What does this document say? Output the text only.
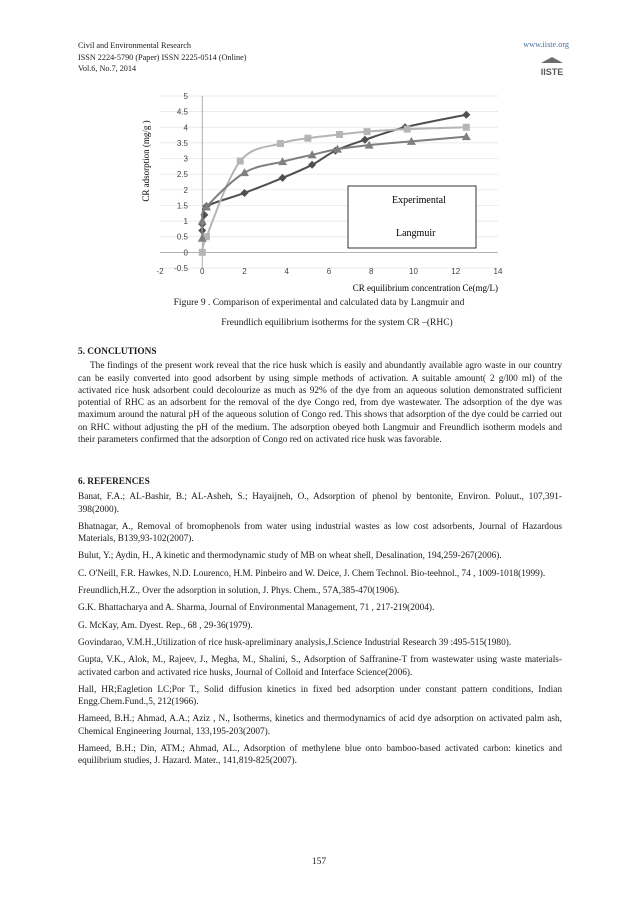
Civil and Environmental Research
ISSN 2224-5790 (Paper) ISSN 2225-0514 (Online)
Vol.6, No.7, 2014
www.iiste.org
IISTE
-2	0	2	4	6	8	10	12	14
-0.5
0
0.5
1
1.5
2
2.5
3
3.5
4
4.5
5
CR adsorption (mg/g )
CR equilibrium concentration Ce(mg/L)
Experimental
Langmuir
Figure 9 . Comparison of experimental and calculated data by Langmuir and
Freundlich equilibrium isotherms for the system CR –(RHC)
5. CONCLUTIONS

The findings of the present work reveal that the rice husk which is easily and abundantly available agro waste in our country can be easily converted into good adsorbent by using simple methods of activation. A suitable amount( 2 g/l00 ml) of the activated rice husk adsorbent could decolourize as much as 92% of the dye from an aqueous solution demonstrated sufficient potential of RHC as an adsorbent for the removal of the dye Congo red, from dye wastewater. The adsorption of the dye was maximum around the natural pH of the aqueous solution of Congo red. This shows that adsorption of the dye could be carried out on RHC without adjusting the pH of the medium. The adsorption obeyed both Langmuir and Freundlich isotherm models and their parameters confirmed that the adsorption of Congo red on activated rice husk was favorable.

6. REFERENCES

Banat, F.A.; AL-Bashir, B.; AL-Asheh, S.; Hayaijneh, O., Adsorption of phenol by bentonite, Environ. Poluut., 107,391-398(2000).

Bhatnagar, A., Removal of bromophenols from water using industrial wastes as low cost adsorbents, Journal of Hazardous Materials, B139,93-102(2007).

Bulut, Y.; Aydin, H., A kinetic and thermodynamic study of MB on wheat shell, Desalination, 194,259-267(2006).

C. O'Neill, F.R. Hawkes, N.D. Lourenco, H.M. Pinbeiro and W. Deice, J. Chem Technol. Bio-teehnol., 74 , 1009-1018(1999).

Freundlich,H.Z., Over the adsorption in solution, J. Phys. Chem., 57A,385-470(1906).

G.K. Bhattacharya and A. Sharma, Journal of Environmental Management, 71 , 217-219(2004).

G. McKay, Am. Dyest. Rep., 68 , 29-36(1979).

Govindarao, V.M.H.,Utilization of rice husk-apreliminary analysis,J.Science Industrial Research 39 :495-515(1980).

Gupta, V.K., Alok, M., Rajeev, J., Megha, M., Shalini, S., Adsorption of Saffranine-T from wastewater using waste materials-activated carbon and activated rice husks, Journal of Colloid and Interface Science(2006).

Hall, HR;Eagletion LC;Por T., Solid diffusion kinetics in fixed bed adsorption under constant pattern conditions, Indian Engg.Chem.Fund.,5, 212(1966).

Hameed, B.H.; Ahmad, A.A.; Aziz , N., Isotherms, kinetics and thermodynamics of acid dye adsorption on activated palm ash, Chemical Engineering Journal, 133,195-203(2007).

Hameed, B.H.; Din, ATM.; Ahmad, AL., Adsorption of methylene blue onto bamboo-based activated carbon: kinetics and equilibrium studies, J. Hazard. Mater., 141,819-825(2007).

157
